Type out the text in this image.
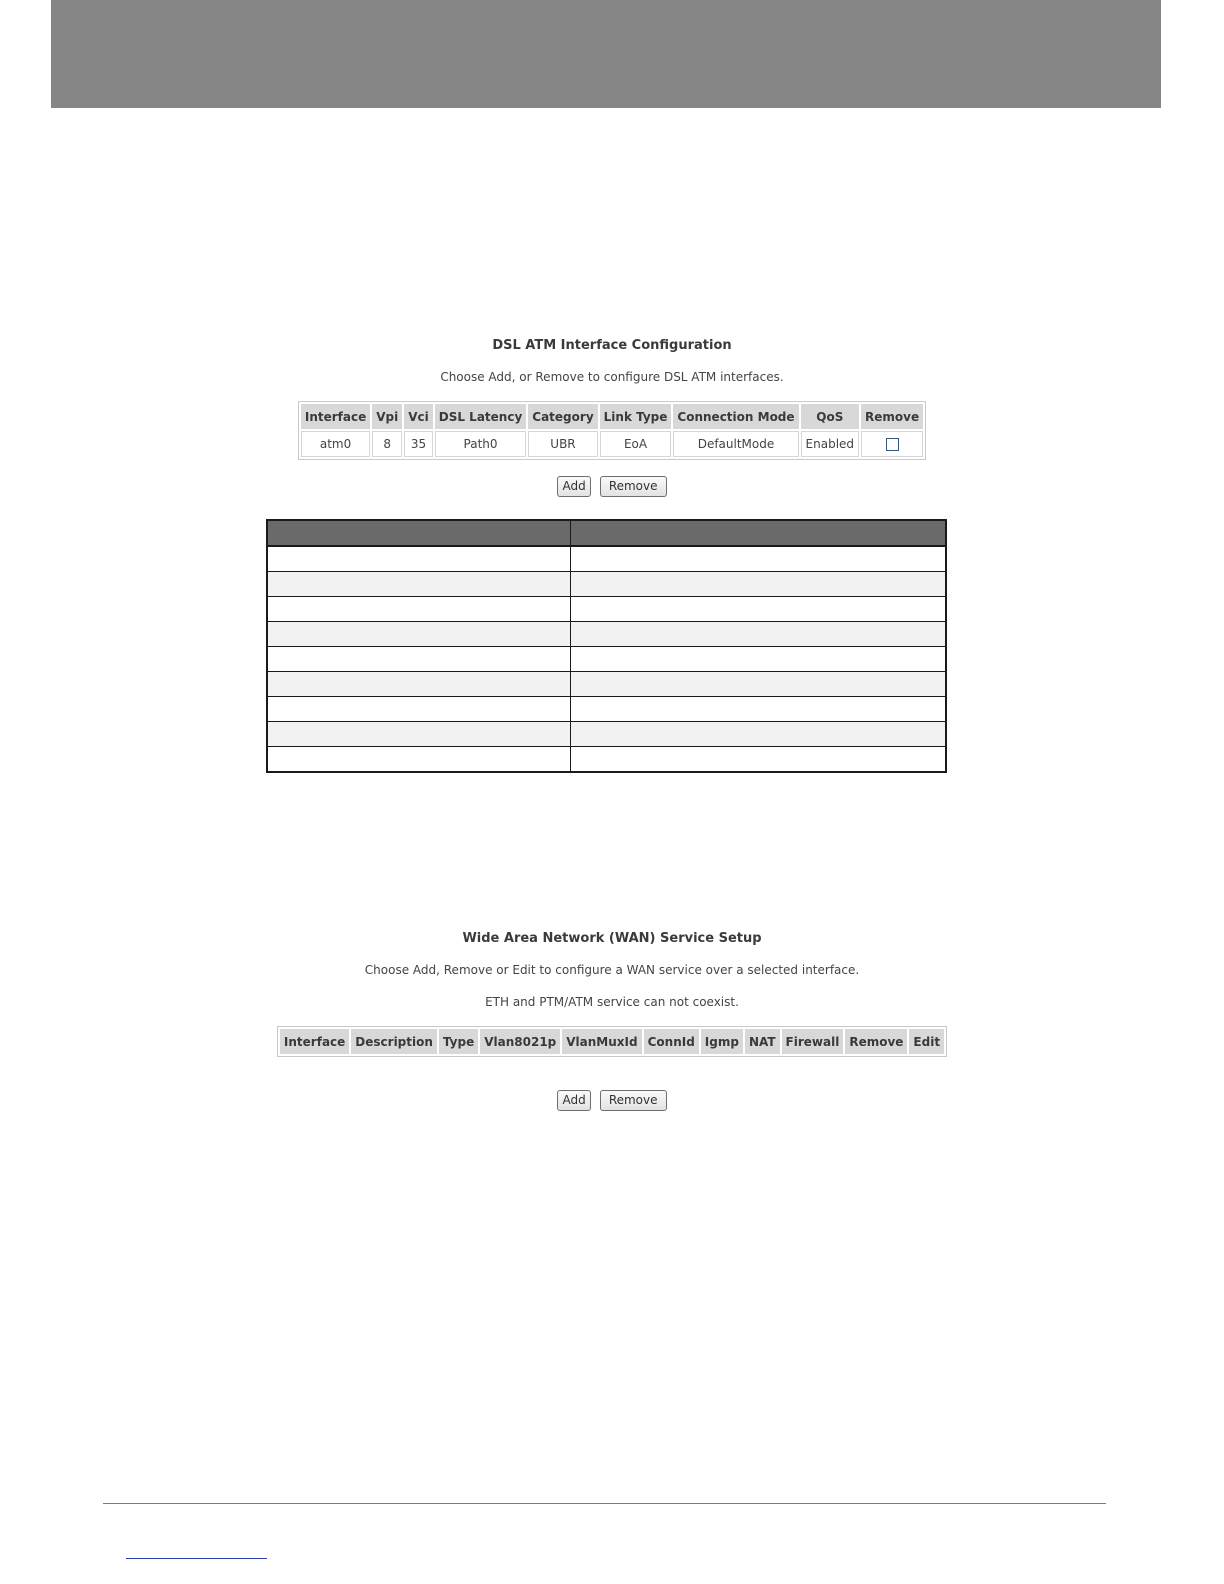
DSL ATM Interface Configuration

Choose Add, or Remove to configure DSL ATM interfaces.

Interface	Vpi	Vci	DSL Latency	Category	Link Type	Connection Mode	QoS	Remove
atm0	8	35	Path0	UBR	EoA	DefaultMode	Enabled	
Add Remove

Wide Area Network (WAN) Service Setup

Choose Add, Remove or Edit to configure a WAN service over a selected interface.

ETH and PTM/ATM service can not coexist.

Interface	Description	Type	Vlan8021p	VlanMuxId	ConnId	Igmp	NAT	Firewall	Remove	Edit
Add Remove
